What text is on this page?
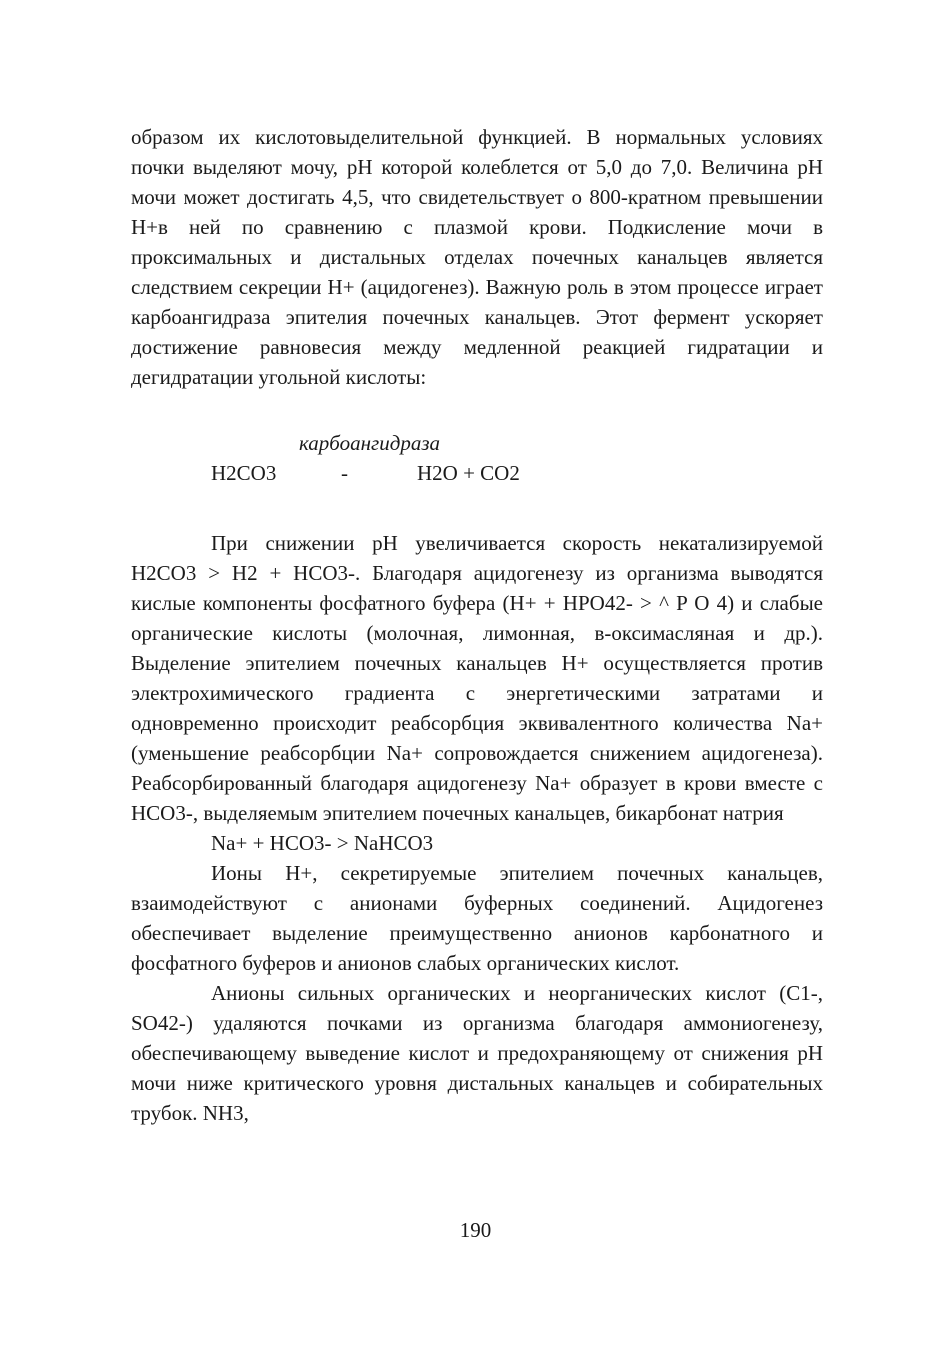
образом их кислотовыделительной функцией. В нормальных условиях почки выделяют мочу, pH которой колеблется от 5,0 до 7,0. Величина pH мочи может достигать 4,5, что свидетельствует о 800-кратном превышении H+в ней по сравнению с плазмой крови. Подкисление мочи в проксимальных и дистальных отделах почечных канальцев является следствием секреции H+ (ацидогенез). Важную роль в этом процессе играет карбоангидраза эпителия почечных канальцев. Этот фермент ускоряет достижение равновесия между медленной реакцией гидратации и дегидратации угольной кислоты:

карбоангидраза
H2CO3	-	H2O + CO2

При снижении pH увеличивается скорость некатализируемой H2CO3 > H2 + HCO3-. Благодаря ацидогенезу из организма выводятся кислые компоненты фосфатного буфера (H+ + HPO42- > ^ P O 4) и слабые органические кислоты (молочная, лимонная, в-оксимасляная и др.). Выделение эпителием почечных канальцев H+ осуществляется против электрохимического градиента с энергетическими затратами и одновременно происходит реабсорбция эквивалентного количества Na+ (уменьшение реабсорбции Na+ сопровождается снижением ацидогенеза). Реабсорбированный благодаря ацидогенезу Na+ образует в крови вместе с HCO3-, выделяемым эпителием почечных канальцев, бикарбонат натрия

Na+ + HCO3- > NaHCO3

Ионы H+, секретируемые эпителием почечных канальцев, взаимодействуют с анионами буферных соединений. Ацидогенез обеспечивает выделение преимущественно анионов карбонатного и фосфатного буферов и анионов слабых органических кислот.

Анионы сильных органических и неорганических кислот (C1-, SO42-) удаляются почками из организма благодаря аммониогенезу, обеспечивающему выведение кислот и предохраняющему от снижения pH мочи ниже критического уровня дистальных канальцев и собирательных трубок. NH3,

190
